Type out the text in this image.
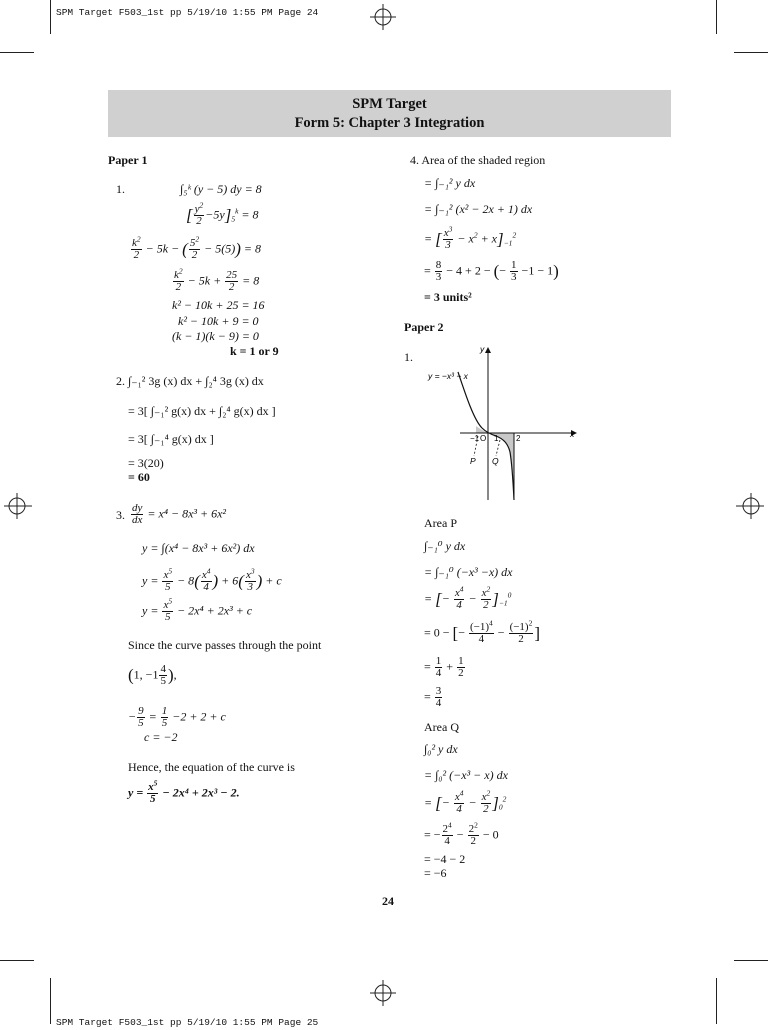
SPM Target F503_1st pp 5/19/10 1:55 PM Page 24
SPM Target F503_1st pp 5/19/10 1:55 PM Page 25
SPM Target
Form 5: Chapter 3 Integration
Paper 1
1.	∫₅ᵏ (y − 5) dy = 8
[ $\frac{y^2}{2} -5y]_5^k = 8$
$\frac{k^2}{2} - 5k$ − ( $\frac{5^2}{2} - 5(5)) = 8$
$\frac{k^2}{2} - 5k + \frac{25}{2} = 8$
k² − 10k + 25 = 16
k² − 10k + 9 = 0
(k − 1)(k − 9) = 0
k = 1 or 9
2. ∫₋₁² 3g (x) dx + ∫₂⁴ 3g (x) dx
= 3[ ∫₋₁² g(x) dx + ∫₂⁴ g(x) dx ]
= 3[ ∫₋₁⁴ g(x) dx ]
= 3(20)
= 60
3. $\frac{dy}{dx} = x^4 - 8x^3 + 6x^2$
y = ∫(x⁴ − 8x³ + 6x²) dx
$y = \frac{x^5}{5} - 8( \frac{x^4}{4}$ ) + $6( \frac{x^3}{3}$ ) + c
$y = \frac{x^5}{5} - 2x^4 + 2x^3 + c$
Since the curve passes through the point
(1, $-1 \frac{4}{5}$ ),
− $\frac{9}{5} = \frac{1}{5} -2 + 2 + c$
c = −2
Hence, the equation of the curve is
$y = \frac{x^5}{5} - 2x^4 + 2x^3 - 2$.
4. Area of the shaded region
= ∫₋₁² y dx
= ∫₋₁² (x² − 2x + 1) dx
= [ $\frac{x^3}{3} - x^2 + x]_{-1}^2$
= $\frac{8}{3} - 4 + 2$ − (− $\frac{1}{3} -1 - 1$)
= 3 units²
Paper 2
1.
y = −x³ − x
x
y
−1 O 1 2
P Q
Area P
∫₋₁⁰ y dx
= ∫₋₁⁰ (−x³ −x) dx
= [− $\frac{x^4}{4} - \frac{x^2}{2} ]_{-1}^0$
= 0 − [− $\frac{(-1)^4}{4} - \frac{(-1)^2}{2}$ ]
= $\frac{1}{4} + \frac{1}{2}$
= $\frac{3}{4}$
Area Q
∫₀² y dx
= ∫₀² (−x³ − x) dx
= [− $\frac{x^4}{4} - \frac{x^2}{2} ]_0^2$
= − $\frac{2^4}{4} - \frac{2^2}{2} - 0$
= −4 − 2
= −6
24
